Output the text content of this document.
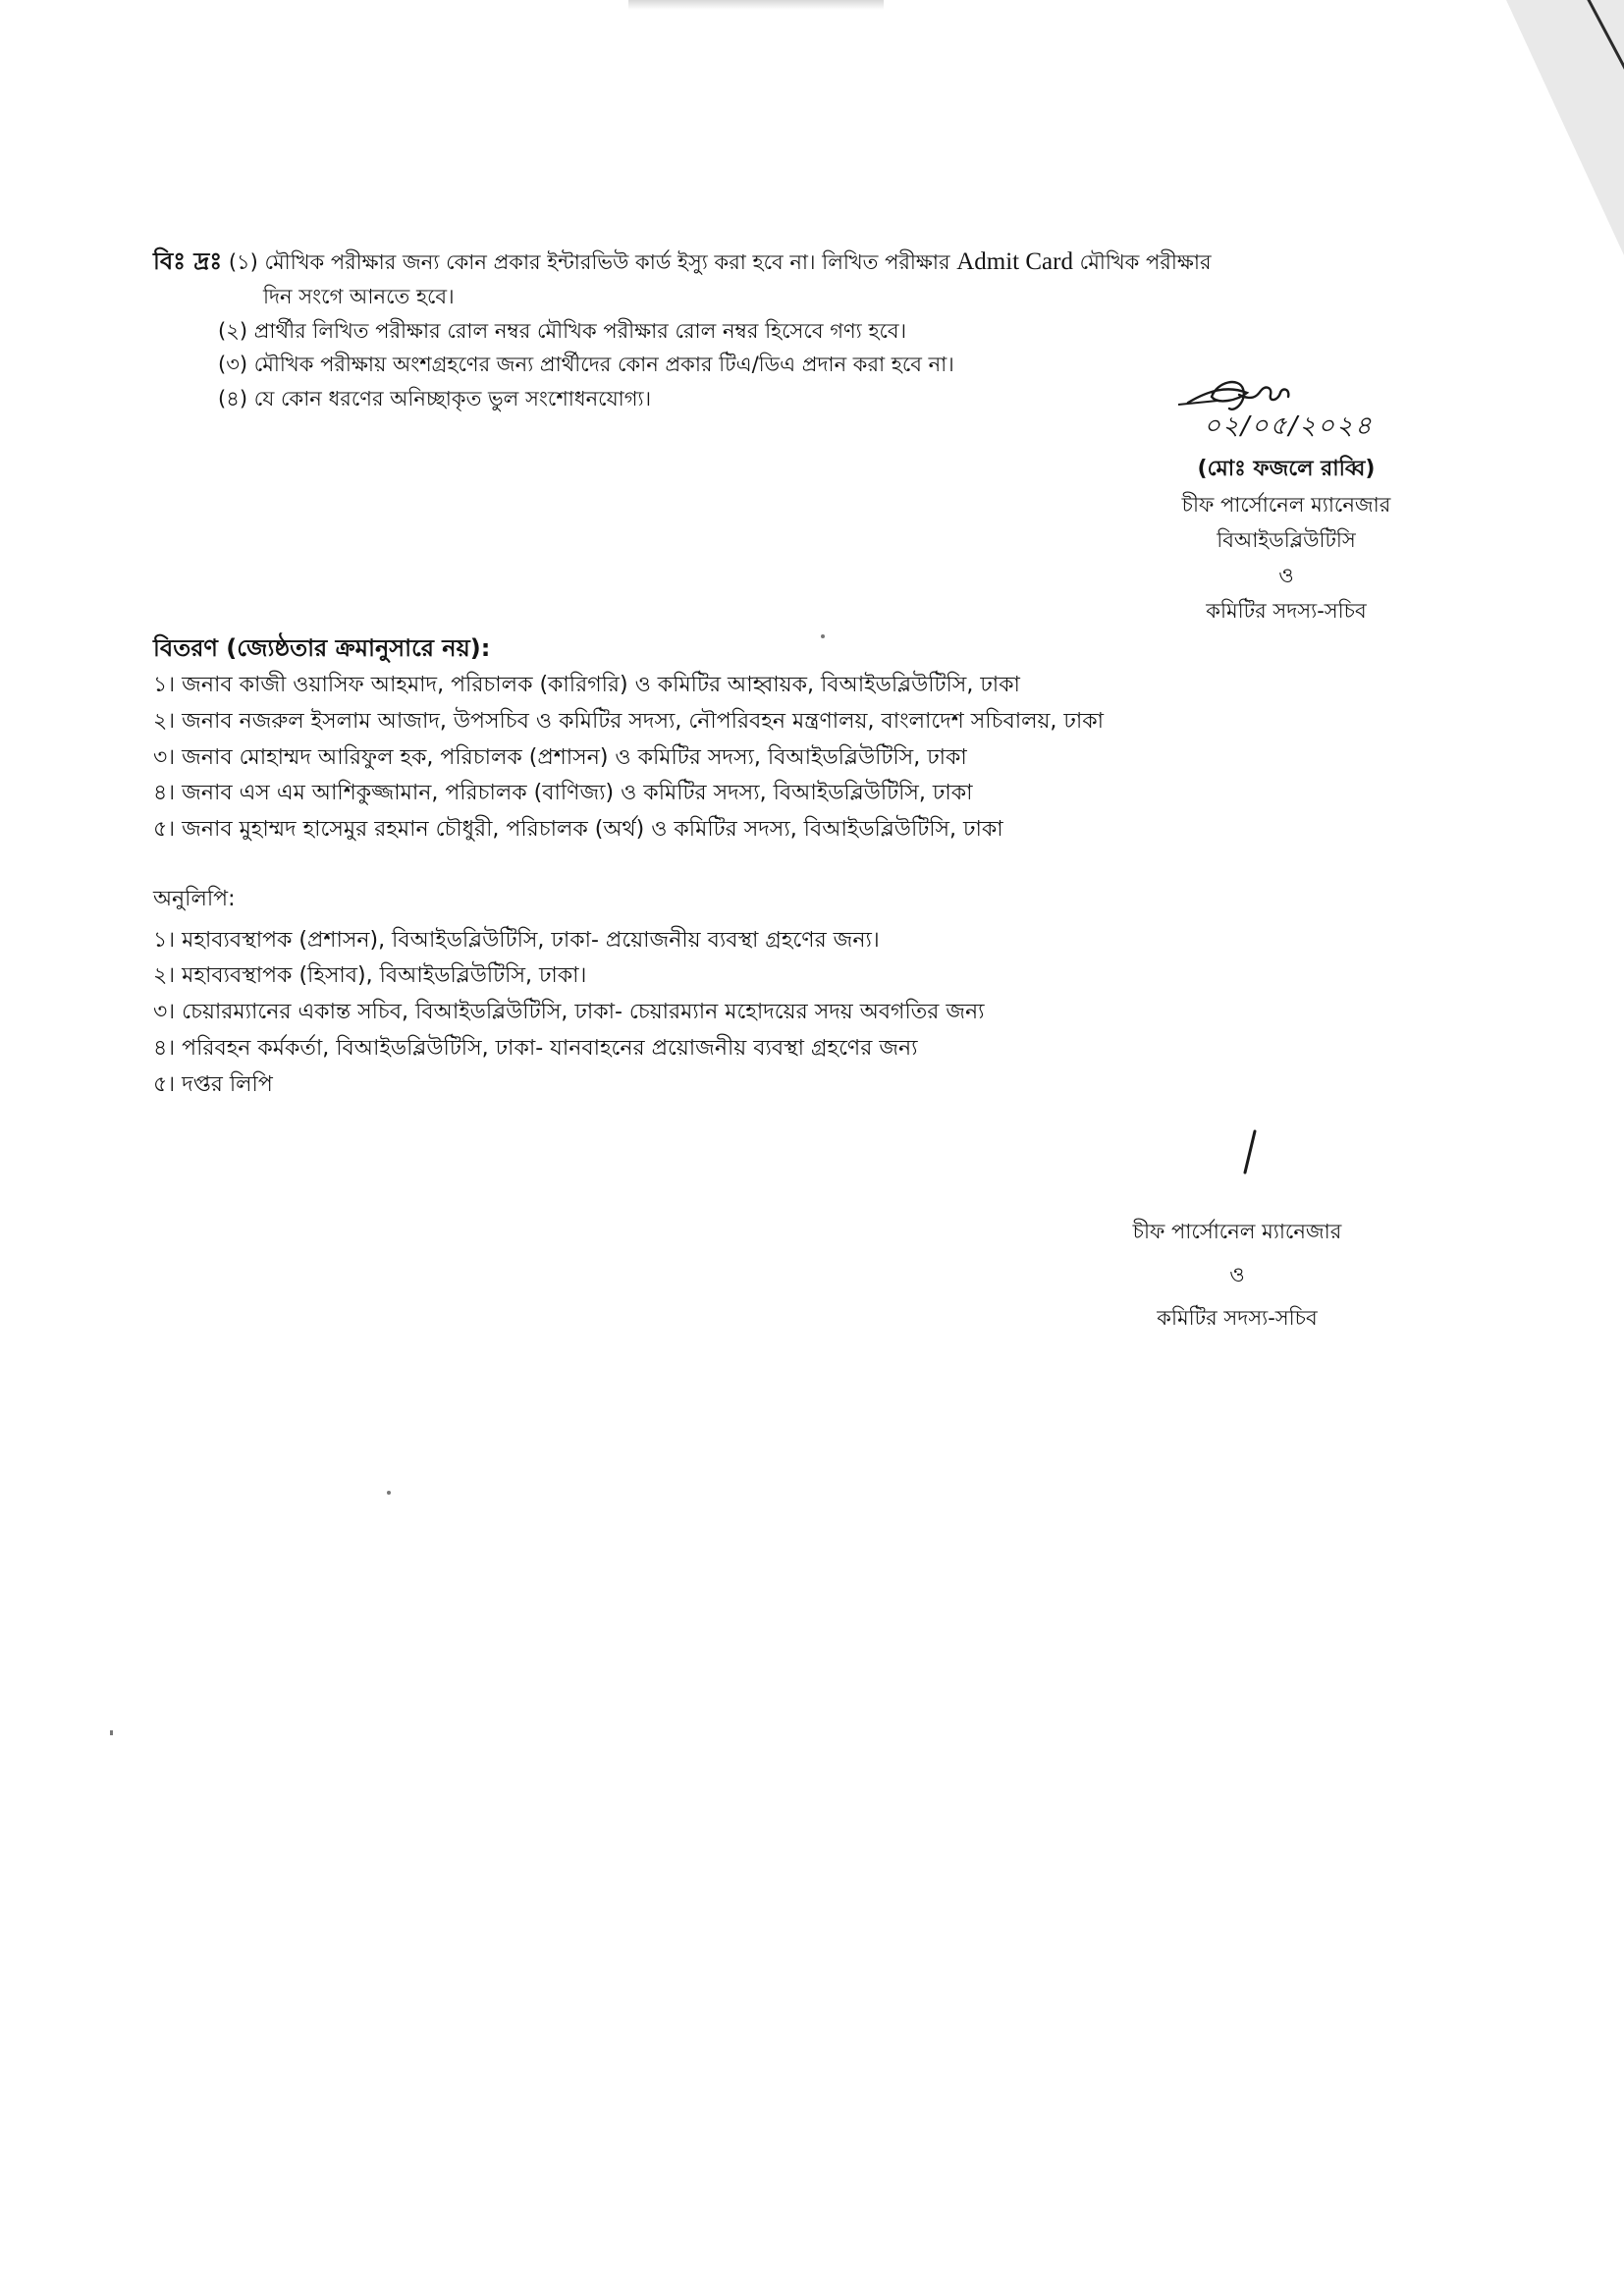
বিঃ দ্রঃ (১) মৌখিক পরীক্ষার জন্য কোন প্রকার ইন্টারভিউ কার্ড ইস্যু করা হবে না। লিখিত পরীক্ষার Admit Card মৌখিক পরীক্ষার
দিন সংগে আনতে হবে।
(২) প্রার্থীর লিখিত পরীক্ষার রোল নম্বর মৌখিক পরীক্ষার রোল নম্বর হিসেবে গণ্য হবে।
(৩) মৌখিক পরীক্ষায় অংশগ্রহণের জন্য প্রার্থীদের কোন প্রকার টিএ/ডিএ প্রদান করা হবে না।
(৪) যে কোন ধরণের অনিচ্ছাকৃত ভুল সংশোধনযোগ্য।
০২/০৫/২০২৪
(মোঃ ফজলে রাব্বি)
চীফ পার্সোনেল ম্যানেজার
বিআইডব্লিউটিসি
ও
কমিটির সদস্য-সচিব
বিতরণ (জ্যেষ্ঠতার ক্রমানুসারে নয়):
১। জনাব কাজী ওয়াসিফ আহমাদ, পরিচালক (কারিগরি) ও কমিটির আহ্বায়ক, বিআইডব্লিউটিসি, ঢাকা
২। জনাব নজরুল ইসলাম আজাদ, উপসচিব ও কমিটির সদস্য, নৌপরিবহন মন্ত্রণালয়, বাংলাদেশ সচিবালয়, ঢাকা
৩। জনাব মোহাম্মদ আরিফুল হক, পরিচালক (প্রশাসন) ও কমিটির সদস্য, বিআইডব্লিউটিসি, ঢাকা
৪। জনাব এস এম আশিকুজ্জামান, পরিচালক (বাণিজ্য) ও কমিটির সদস্য, বিআইডব্লিউটিসি, ঢাকা
৫। জনাব মুহাম্মদ হাসেমুর রহমান চৌধুরী, পরিচালক (অর্থ) ও কমিটির সদস্য, বিআইডব্লিউটিসি, ঢাকা
অনুলিপি:
১। মহাব্যবস্থাপক (প্রশাসন), বিআইডব্লিউটিসি, ঢাকা- প্রয়োজনীয় ব্যবস্থা গ্রহণের জন্য।
২। মহাব্যবস্থাপক (হিসাব), বিআইডব্লিউটিসি, ঢাকা।
৩। চেয়ারম্যানের একান্ত সচিব, বিআইডব্লিউটিসি, ঢাকা- চেয়ারম্যান মহোদয়ের সদয় অবগতির জন্য
৪। পরিবহন কর্মকর্তা, বিআইডব্লিউটিসি, ঢাকা- যানবাহনের প্রয়োজনীয় ব্যবস্থা গ্রহণের জন্য
৫। দপ্তর লিপি
চীফ পার্সোনেল ম্যানেজার
ও
কমিটির সদস্য-সচিব
